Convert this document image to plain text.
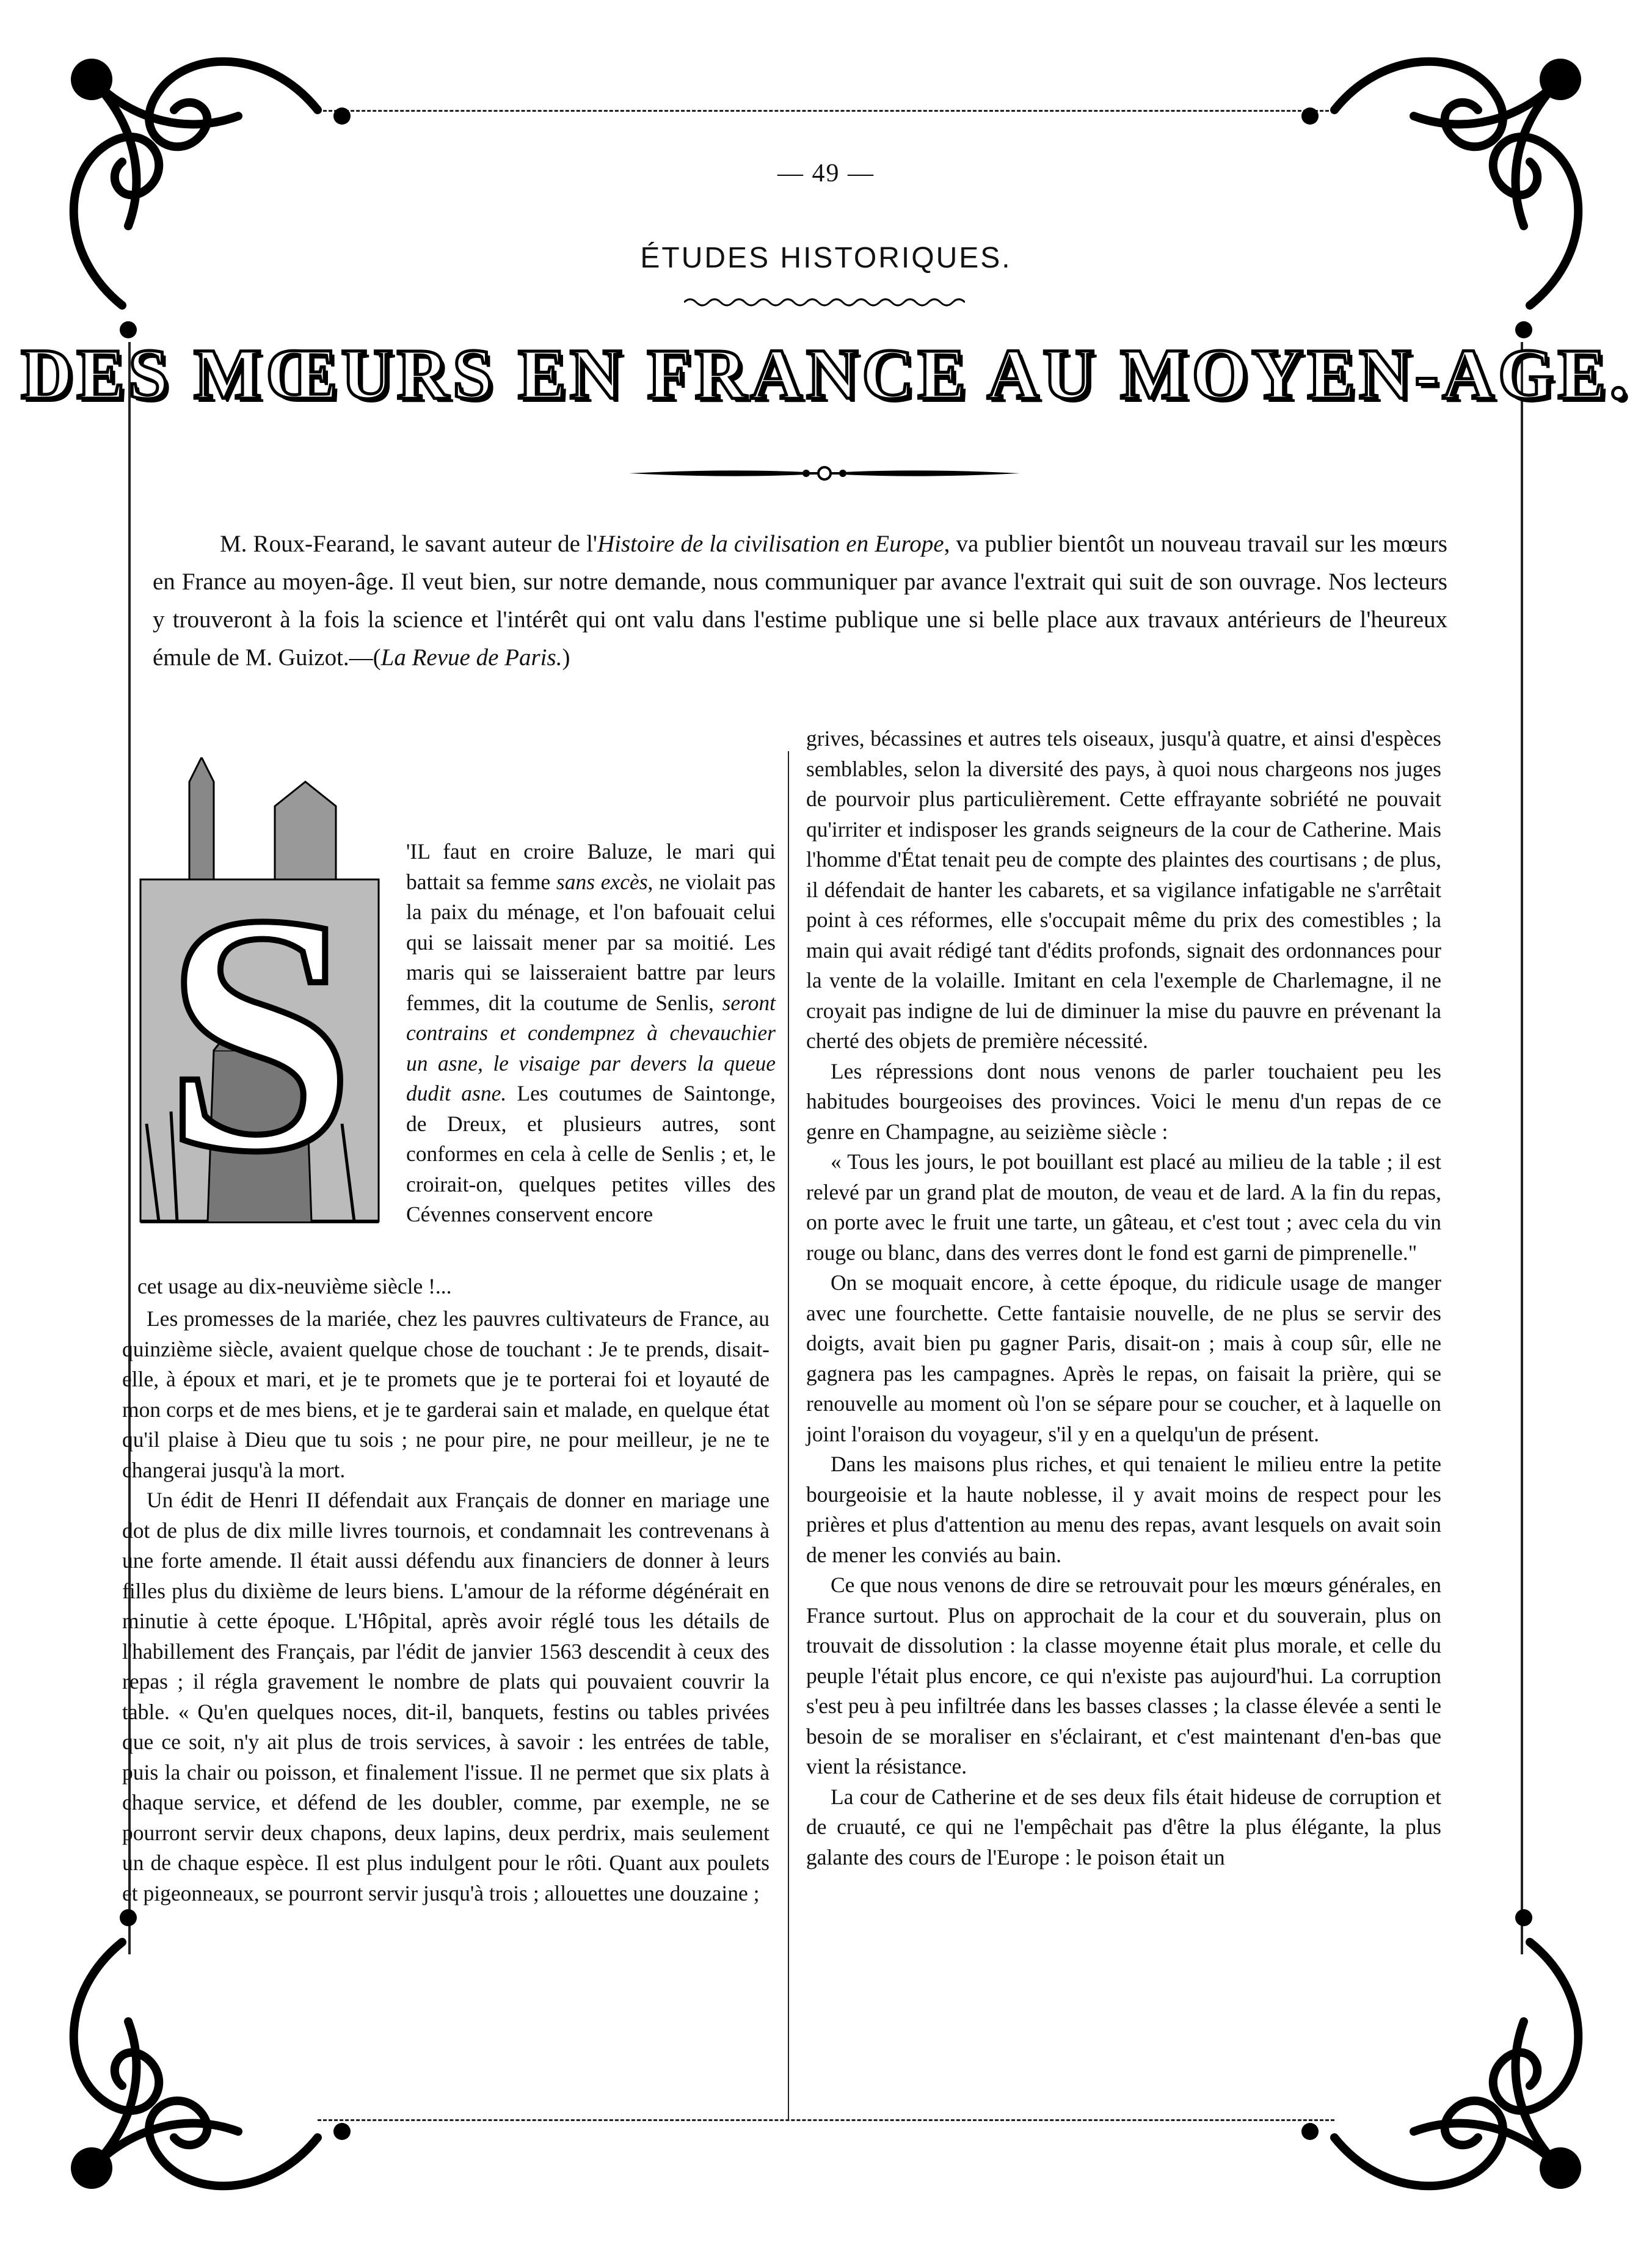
— 49 —
ÉTUDES HISTORIQUES.
DES MŒURS EN FRANCE AU MOYEN-AGE.
M. Roux-Fearand, le savant auteur de l'Histoire de la civilisation en Europe, va publier bientôt un nouveau travail sur les mœurs en France au moyen-âge. Il veut bien, sur notre demande, nous communiquer par avance l'extrait qui suit de son ouvrage. Nos lecteurs y trouveront à la fois la science et l'intérêt qui ont valu dans l'estime publique une si belle place aux travaux antérieurs de l'heureux émule de M. Guizot.—(La Revue de Paris.)
S 'IL faut en croire Baluze, le mari qui battait sa femme sans excès, ne violait pas la paix du ménage, et l'on bafouait celui qui se laissait mener par sa moitié. Les maris qui se laisseraient battre par leurs femmes, dit la coutume de Senlis, seront contrains et condempnez à chevauchier un asne, le visaige par devers la queue dudit asne. Les coutumes de Saintonge, de Dreux, et plusieurs autres, sont conformes en cela à celle de Senlis ; et, le croirait-on, quelques petites villes des Cévennes conservent encore
cet usage au dix-neuvième siècle !...

Les promesses de la mariée, chez les pauvres cultivateurs de France, au quinzième siècle, avaient quelque chose de touchant : Je te prends, disait-elle, à époux et mari, et je te promets que je te porterai foi et loyauté de mon corps et de mes biens, et je te garderai sain et malade, en quelque état qu'il plaise à Dieu que tu sois ; ne pour pire, ne pour meilleur, je ne te changerai jusqu'à la mort.

Un édit de Henri II défendait aux Français de donner en mariage une dot de plus de dix mille livres tournois, et condamnait les contrevenans à une forte amende. Il était aussi défendu aux financiers de donner à leurs filles plus du dixième de leurs biens. L'amour de la réforme dégénérait en minutie à cette époque. L'Hôpital, après avoir réglé tous les détails de l'habillement des Français, par l'édit de janvier 1563 descendit à ceux des repas ; il régla gravement le nombre de plats qui pouvaient couvrir la table. « Qu'en quelques noces, dit-il, banquets, festins ou tables privées que ce soit, n'y ait plus de trois services, à savoir : les entrées de table, puis la chair ou poisson, et finalement l'issue. Il ne permet que six plats à chaque service, et défend de les doubler, comme, par exemple, ne se pourront servir deux chapons, deux lapins, deux perdrix, mais seulement un de chaque espèce. Il est plus indulgent pour le rôti. Quant aux poulets et pigeonneaux, se pourront servir jusqu'à trois ; allouettes une douzaine ;

grives, bécassines et autres tels oiseaux, jusqu'à quatre, et ainsi d'espèces semblables, selon la diversité des pays, à quoi nous chargeons nos juges de pourvoir plus particulièrement. Cette effrayante sobriété ne pouvait qu'irriter et indisposer les grands seigneurs de la cour de Catherine. Mais l'homme d'État tenait peu de compte des plaintes des courtisans ; de plus, il défendait de hanter les cabarets, et sa vigilance infatigable ne s'arrêtait point à ces réformes, elle s'occupait même du prix des comestibles ; la main qui avait rédigé tant d'édits profonds, signait des ordonnances pour la vente de la volaille. Imitant en cela l'exemple de Charlemagne, il ne croyait pas indigne de lui de diminuer la mise du pauvre en prévenant la cherté des objets de première nécessité.

Les répressions dont nous venons de parler touchaient peu les habitudes bourgeoises des provinces. Voici le menu d'un repas de ce genre en Champagne, au seizième siècle :

« Tous les jours, le pot bouillant est placé au milieu de la table ; il est relevé par un grand plat de mouton, de veau et de lard. A la fin du repas, on porte avec le fruit une tarte, un gâteau, et c'est tout ; avec cela du vin rouge ou blanc, dans des verres dont le fond est garni de pimprenelle."

On se moquait encore, à cette époque, du ridicule usage de manger avec une fourchette. Cette fantaisie nouvelle, de ne plus se servir des doigts, avait bien pu gagner Paris, disait-on ; mais à coup sûr, elle ne gagnera pas les campagnes. Après le repas, on faisait la prière, qui se renouvelle au moment où l'on se sépare pour se coucher, et à laquelle on joint l'oraison du voyageur, s'il y en a quelqu'un de présent.

Dans les maisons plus riches, et qui tenaient le milieu entre la petite bourgeoisie et la haute noblesse, il y avait moins de respect pour les prières et plus d'attention au menu des repas, avant lesquels on avait soin de mener les conviés au bain.

Ce que nous venons de dire se retrouvait pour les mœurs générales, en France surtout. Plus on approchait de la cour et du souverain, plus on trouvait de dissolution : la classe moyenne était plus morale, et celle du peuple l'était plus encore, ce qui n'existe pas aujourd'hui. La corruption s'est peu à peu infiltrée dans les basses classes ; la classe élevée a senti le besoin de se moraliser en s'éclairant, et c'est maintenant d'en-bas que vient la résistance.

La cour de Catherine et de ses deux fils était hideuse de corruption et de cruauté, ce qui ne l'empêchait pas d'être la plus élégante, la plus galante des cours de l'Europe : le poison était un
